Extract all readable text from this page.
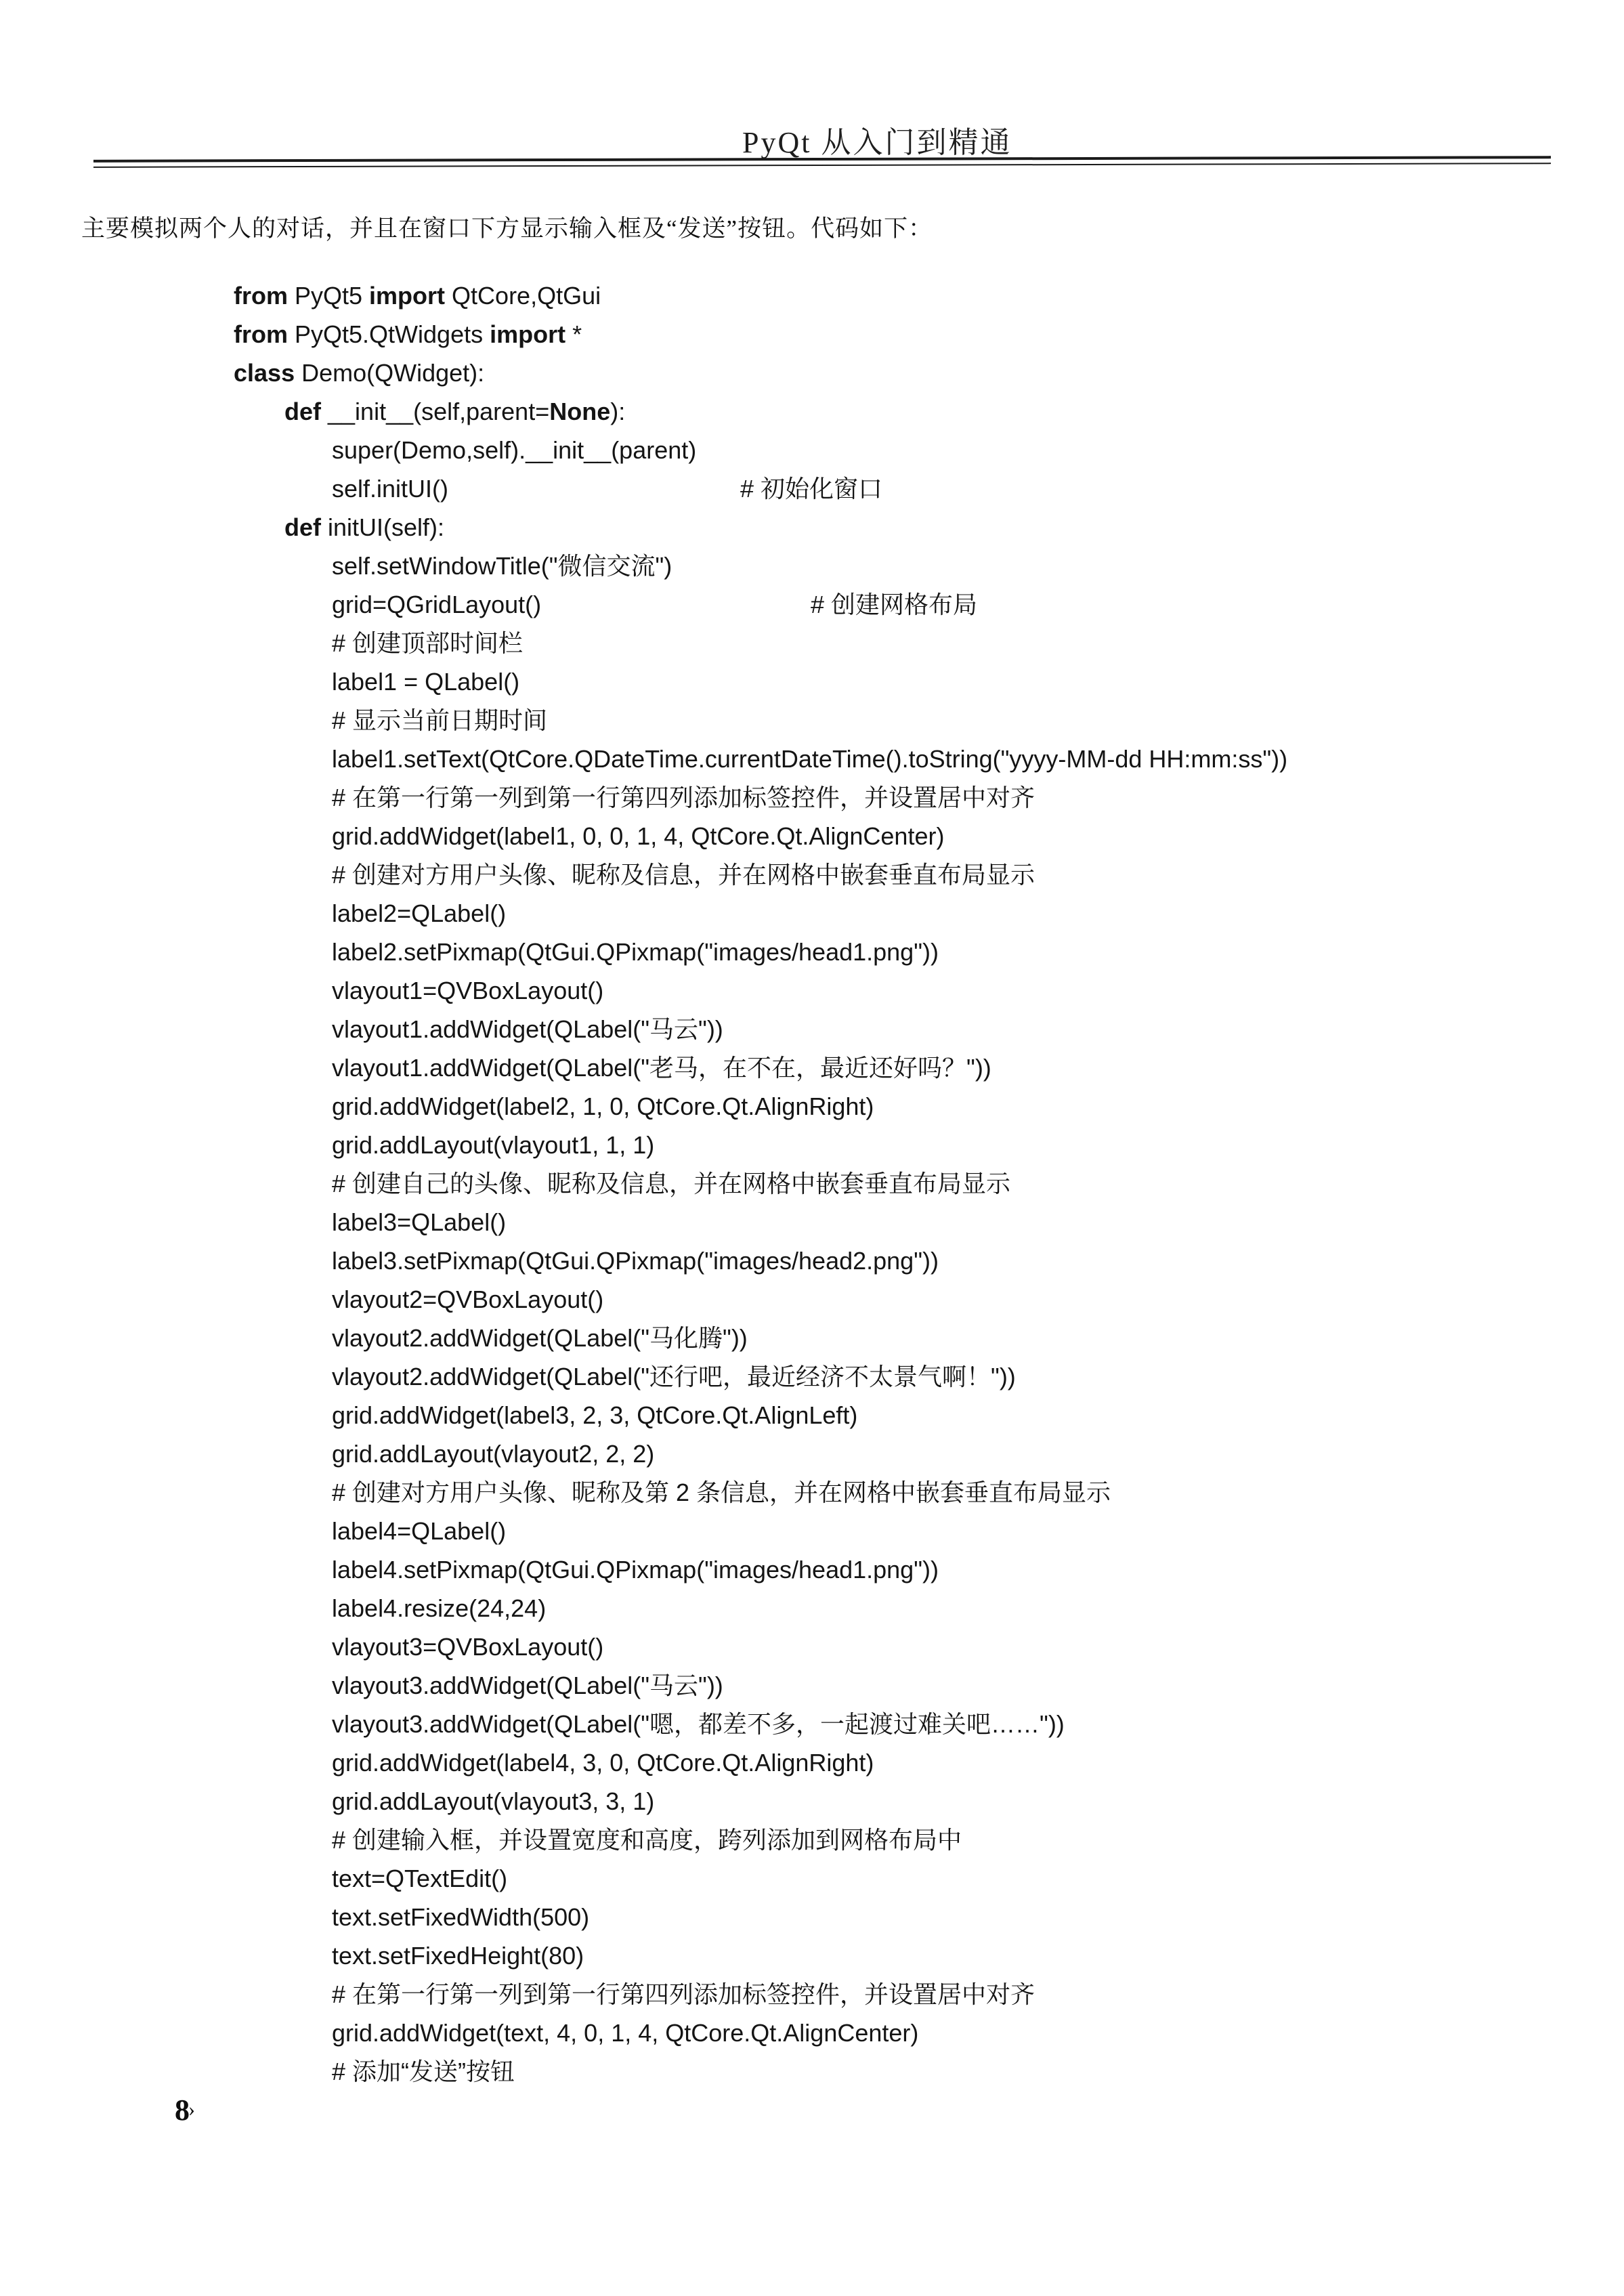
PyQt 从入门到精通

主要模拟两个人的对话，并且在窗口下方显示输入框及“发送”按钮。代码如下：

from PyQt5 import QtCore,QtGui
from PyQt5.QtWidgets import *
class Demo(QWidget):
def __init__(self,parent=None):
super(Demo,self).__init__(parent)
self.initUI()	# 初始化窗口
def initUI(self):
self.setWindowTitle("微信交流")
grid=QGridLayout()	# 创建网格布局
# 创建顶部时间栏
label1 = QLabel()
# 显示当前日期时间
label1.setText(QtCore.QDateTime.currentDateTime().toString("yyyy-MM-dd HH:mm:ss"))
# 在第一行第一列到第一行第四列添加标签控件，并设置居中对齐
grid.addWidget(label1, 0, 0, 1, 4, QtCore.Qt.AlignCenter)
# 创建对方用户头像、昵称及信息，并在网格中嵌套垂直布局显示
label2=QLabel()
label2.setPixmap(QtGui.QPixmap("images/head1.png"))
vlayout1=QVBoxLayout()
vlayout1.addWidget(QLabel("马云"))
vlayout1.addWidget(QLabel("老马，在不在，最近还好吗？"))
grid.addWidget(label2, 1, 0, QtCore.Qt.AlignRight)
grid.addLayout(vlayout1, 1, 1)
# 创建自己的头像、昵称及信息，并在网格中嵌套垂直布局显示
label3=QLabel()
label3.setPixmap(QtGui.QPixmap("images/head2.png"))
vlayout2=QVBoxLayout()
vlayout2.addWidget(QLabel("马化腾"))
vlayout2.addWidget(QLabel("还行吧，最近经济不太景气啊！"))
grid.addWidget(label3, 2, 3, QtCore.Qt.AlignLeft)
grid.addLayout(vlayout2, 2, 2)
# 创建对方用户头像、昵称及第 2 条信息，并在网格中嵌套垂直布局显示
label4=QLabel()
label4.setPixmap(QtGui.QPixmap("images/head1.png"))
label4.resize(24,24)
vlayout3=QVBoxLayout()
vlayout3.addWidget(QLabel("马云"))
vlayout3.addWidget(QLabel("嗯，都差不多，一起渡过难关吧……"))
grid.addWidget(label4, 3, 0, QtCore.Qt.AlignRight)
grid.addLayout(vlayout3, 3, 1)
# 创建输入框，并设置宽度和高度，跨列添加到网格布局中
text=QTextEdit()
text.setFixedWidth(500)
text.setFixedHeight(80)
# 在第一行第一列到第一行第四列添加标签控件，并设置居中对齐
grid.addWidget(text, 4, 0, 1, 4, QtCore.Qt.AlignCenter)
# 添加“发送”按钮
8›
